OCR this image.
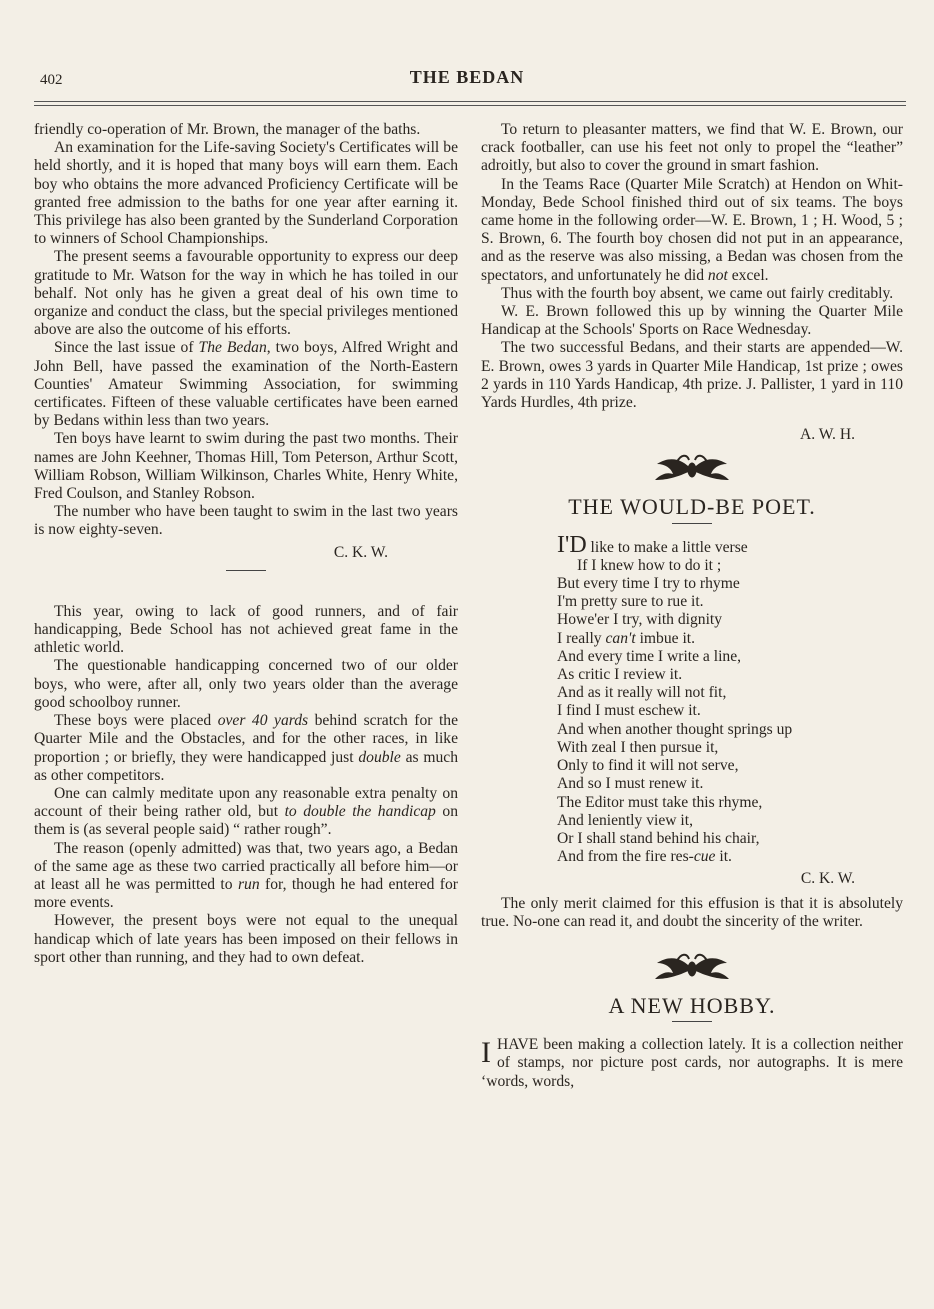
402	THE BEDAN

friendly co-operation of Mr. Brown, the manager of the baths.

An examination for the Life-saving Society's Certificates will be held shortly, and it is hoped that many boys will earn them. Each boy who obtains the more advanced Proficiency Certificate will be granted free admission to the baths for one year after earning it. This privilege has also been granted by the Sunderland Corporation to winners of School Championships.

The present seems a favourable opportunity to express our deep gratitude to Mr. Watson for the way in which he has toiled in our behalf. Not only has he given a great deal of his own time to organize and conduct the class, but the special privileges mentioned above are also the outcome of his efforts.

Since the last issue of The Bedan, two boys, Alfred Wright and John Bell, have passed the examination of the North-Eastern Counties' Amateur Swimming Association, for swimming certificates. Fifteen of these valuable certificates have been earned by Bedans within less than two years.

Ten boys have learnt to swim during the past two months. Their names are John Keehner, Thomas Hill, Tom Peterson, Arthur Scott, William Robson, William Wilkinson, Charles White, Henry White, Fred Coulson, and Stanley Robson.

The number who have been taught to swim in the last two years is now eighty-seven.

C. K. W.

This year, owing to lack of good runners, and of fair handicapping, Bede School has not achieved great fame in the athletic world.

The questionable handicapping concerned two of our older boys, who were, after all, only two years older than the average good schoolboy runner.

These boys were placed over 40 yards behind scratch for the Quarter Mile and the Obstacles, and for the other races, in like proportion ; or briefly, they were handicapped just double as much as other competitors.

One can calmly meditate upon any reasonable extra penalty on account of their being rather old, but to double the handicap on them is (as several people said) “ rather rough”.

The reason (openly admitted) was that, two years ago, a Bedan of the same age as these two carried practically all before him—or at least all he was permitted to run for, though he had entered for more events.

However, the present boys were not equal to the unequal handicap which of late years has been imposed on their fellows in sport other than running, and they had to own defeat.

To return to pleasanter matters, we find that W. E. Brown, our crack footballer, can use his feet not only to propel the “leather” adroitly, but also to cover the ground in smart fashion.

In the Teams Race (Quarter Mile Scratch) at Hendon on Whit-Monday, Bede School finished third out of six teams. The boys came home in the following order—W. E. Brown, 1 ; H. Wood, 5 ; S. Brown, 6. The fourth boy chosen did not put in an appearance, and as the reserve was also missing, a Bedan was chosen from the spectators, and unfortunately he did not excel.

Thus with the fourth boy absent, we came out fairly creditably.

W. E. Brown followed this up by winning the Quarter Mile Handicap at the Schools' Sports on Race Wednesday.

The two successful Bedans, and their starts are appended—W. E. Brown, owes 3 yards in Quarter Mile Handicap, 1st prize ; owes 2 yards in 110 Yards Handicap, 4th prize. J. Pallister, 1 yard in 110 Yards Hurdles, 4th prize.

A. W. H.
THE WOULD-BE POET.
I'D like to make a little verse
If I knew how to do it ;
But every time I try to rhyme
I'm pretty sure to rue it.
Howe'er I try, with dignity
I really can't imbue it.
And every time I write a line,
As critic I review it.
And as it really will not fit,
I find I must eschew it.
And when another thought springs up
With zeal I then pursue it,
Only to find it will not serve,
And so I must renew it.
The Editor must take this rhyme,
And leniently view it,
Or I shall stand behind his chair,
And from the fire res-cue it.
C. K. W.

The only merit claimed for this effusion is that it is absolutely true. No-one can read it, and doubt the sincerity of the writer.

A NEW HOBBY.

IHAVE been making a collection lately. It is a collection neither of stamps, nor picture post cards, nor autographs. It is mere ‘words, words,
